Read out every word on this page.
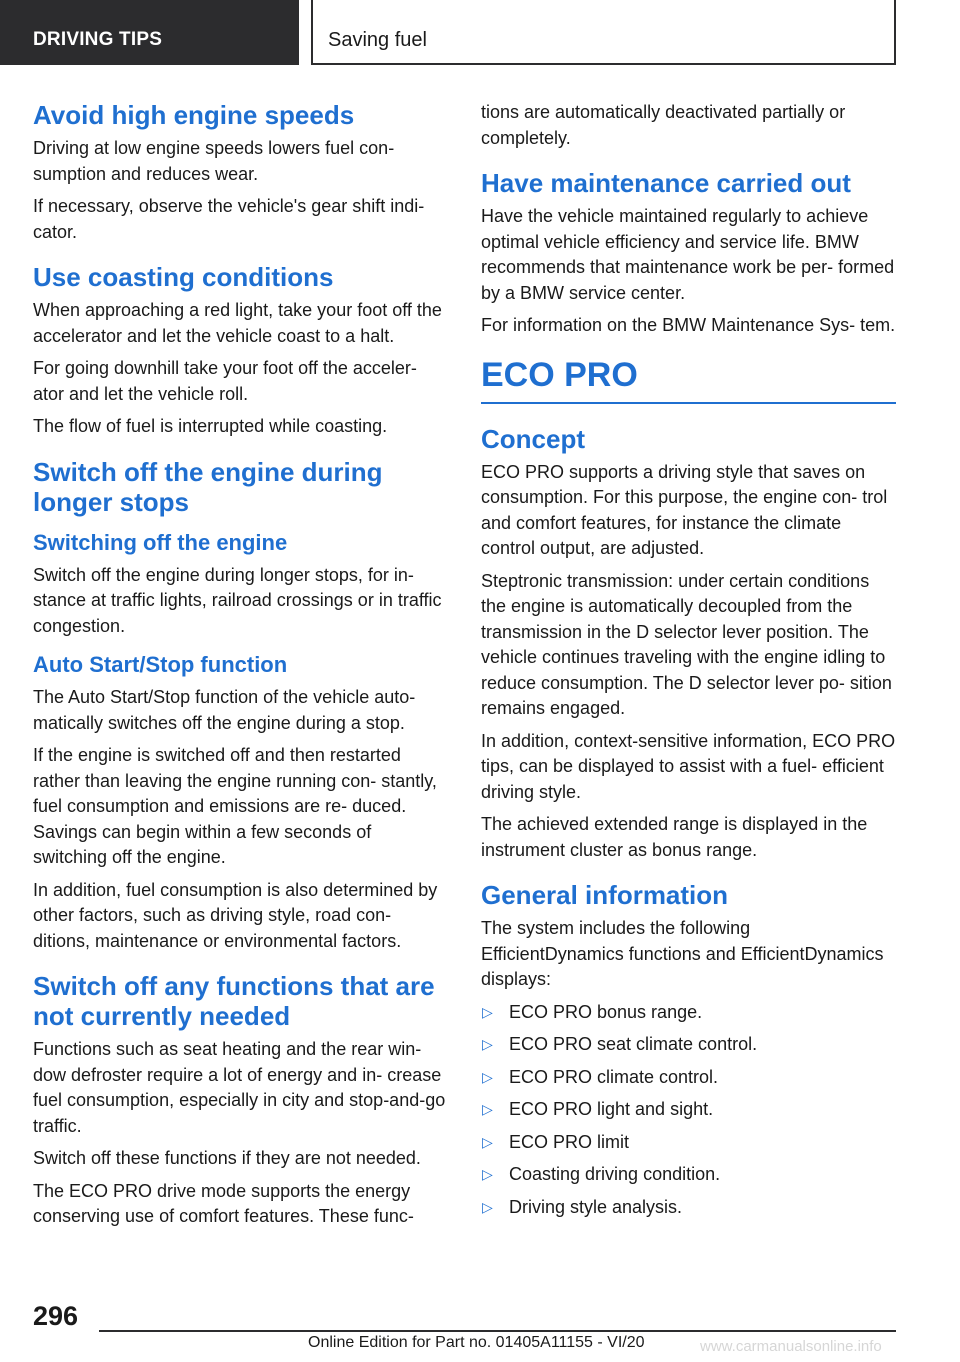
DRIVING TIPS	Saving fuel
Avoid high engine speeds

Driving at low engine speeds lowers fuel con‐ sumption and reduces wear.

If necessary, observe the vehicle's gear shift indi‐ cator.

Use coasting conditions

When approaching a red light, take your foot off the accelerator and let the vehicle coast to a halt.

For going downhill take your foot off the acceler‐ ator and let the vehicle roll.

The flow of fuel is interrupted while coasting.

Switch off the engine during longer stops
Switching off the engine

Switch off the engine during longer stops, for in‐ stance at traffic lights, railroad crossings or in traffic congestion.

Auto Start/Stop function

The Auto Start/Stop function of the vehicle auto‐ matically switches off the engine during a stop.

If the engine is switched off and then restarted rather than leaving the engine running con‐ stantly, fuel consumption and emissions are re‐ duced. Savings can begin within a few seconds of switching off the engine.

In addition, fuel consumption is also determined by other factors, such as driving style, road con‐ ditions, maintenance or environmental factors.

Switch off any functions that are not currently needed

Functions such as seat heating and the rear win‐ dow defroster require a lot of energy and in‐ crease fuel consumption, especially in city and stop-and-go traffic.

Switch off these functions if they are not needed.

The ECO PRO drive mode supports the energy conserving use of comfort features. These func‐

tions are automatically deactivated partially or completely.

Have maintenance carried out

Have the vehicle maintained regularly to achieve optimal vehicle efficiency and service life. BMW recommends that maintenance work be per‐ formed by a BMW service center.

For information on the BMW Maintenance Sys‐ tem.

ECO PRO
Concept

ECO PRO supports a driving style that saves on consumption. For this purpose, the engine con‐ trol and comfort features, for instance the climate control output, are adjusted.

Steptronic transmission: under certain conditions the engine is automatically decoupled from the transmission in the D selector lever position. The vehicle continues traveling with the engine idling to reduce consumption. The D selector lever po‐ sition remains engaged.

In addition, context-sensitive information, ECO PRO tips, can be displayed to assist with a fuel- efficient driving style.

The achieved extended range is displayed in the instrument cluster as bonus range.

General information

The system includes the following EfficientDynamics functions and EfficientDynamics displays:

▷ ECO PRO bonus range.
▷ ECO PRO seat climate control.
▷ ECO PRO climate control.
▷ ECO PRO light and sight.
▷ ECO PRO limit
▷ Coasting driving condition.
▷ Driving style analysis.
296
www.carmanualsonline.info
Online Edition for Part no. 01405A11155 - VI/20
